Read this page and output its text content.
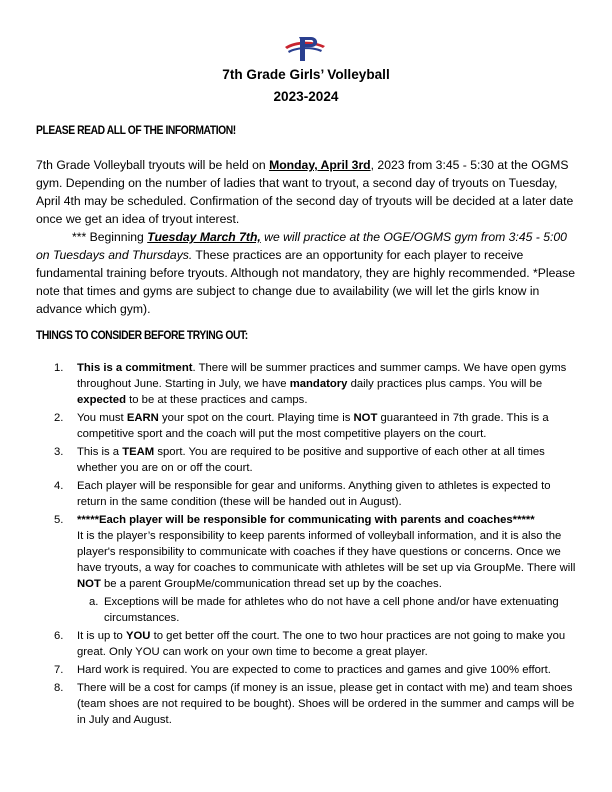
7th Grade Girls’ Volleyball
2023-2024
PLEASE READ ALL OF THE INFORMATION!
7th Grade Volleyball tryouts will be held on Monday, April 3rd, 2023 from 3:45 - 5:30 at the OGMS gym. Depending on the number of ladies that want to tryout, a second day of tryouts on Tuesday, April 4th may be scheduled. Confirmation of the second day of tryouts will be decided at a later date once we get an idea of tryout interest.
*** Beginning Tuesday March 7th, we will practice at the OGE/OGMS gym from 3:45 - 5:00 on Tuesdays and Thursdays. These practices are an opportunity for each player to receive fundamental training before tryouts. Although not mandatory, they are highly recommended. *Please note that times and gyms are subject to change due to availability (we will let the girls know in advance which gym).
THINGS TO CONSIDER BEFORE TRYING OUT:
1. This is a commitment. There will be summer practices and summer camps. We have open gyms throughout June. Starting in July, we have mandatory daily practices plus camps. You will be expected to be at these practices and camps.
2. You must EARN your spot on the court. Playing time is NOT guaranteed in 7th grade. This is a competitive sport and the coach will put the most competitive players on the court.
3. This is a TEAM sport. You are required to be positive and supportive of each other at all times whether you are on or off the court.
4. Each player will be responsible for gear and uniforms. Anything given to athletes is expected to return in the same condition (these will be handed out in August).
5. *****Each player will be responsible for communicating with parents and coaches*****
It is the player’s responsibility to keep parents informed of volleyball information, and it is also the player's responsibility to communicate with coaches if they have questions or concerns. Once we have tryouts, a way for coaches to communicate with athletes will be set up via GroupMe. There will NOT be a parent GroupMe/communication thread set up by the coaches.
a. Exceptions will be made for athletes who do not have a cell phone and/or have extenuating circumstances.
6. It is up to YOU to get better off the court. The one to two hour practices are not going to make you great. Only YOU can work on your own time to become a great player.
7. Hard work is required. You are expected to come to practices and games and give 100% effort.
8. There will be a cost for camps (if money is an issue, please get in contact with me) and team shoes (team shoes are not required to be bought). Shoes will be ordered in the summer and camps will be in July and August.
